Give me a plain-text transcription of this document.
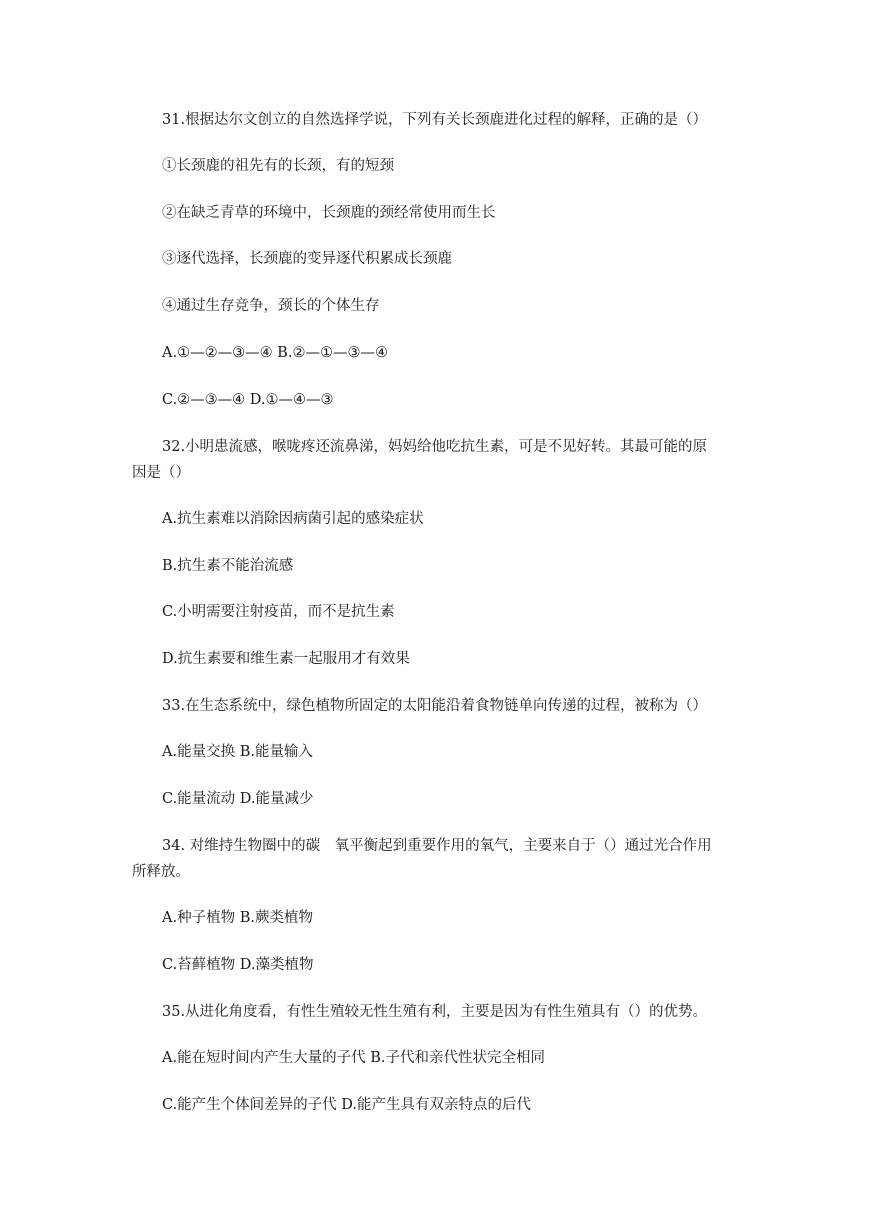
31.根据达尔文创立的自然选择学说，下列有关长颈鹿进化过程的解释，正确的是（）
①长颈鹿的祖先有的长颈，有的短颈
②在缺乏青草的环境中，长颈鹿的颈经常使用而生长
③逐代选择，长颈鹿的变异逐代积累成长颈鹿
④通过生存竞争，颈长的个体生存
A.①—②—③—④ B.②—①—③—④
C.②—③—④ D.①—④—③
32.小明患流感，喉咙疼还流鼻涕，妈妈给他吃抗生素，可是不见好转。其最可能的原
因是（）
A.抗生素难以消除因病菌引起的感染症状
B.抗生素不能治流感
C.小明需要注射疫苗，而不是抗生素
D.抗生素要和维生素一起服用才有效果
33.在生态系统中，绿色植物所固定的太阳能沿着食物链单向传递的过程，被称为（）
A.能量交换 B.能量输入
C.能量流动 D.能量减少
34. 对维持生物圈中的碳　氧平衡起到重要作用的氧气，主要来自于（）通过光合作用
所释放。
A.种子植物 B.蕨类植物
C.苔藓植物 D.藻类植物
35.从进化角度看，有性生殖较无性生殖有利，主要是因为有性生殖具有（）的优势。
A.能在短时间内产生大量的子代 B.子代和亲代性状完全相同
C.能产生个体间差异的子代 D.能产生具有双亲特点的后代
